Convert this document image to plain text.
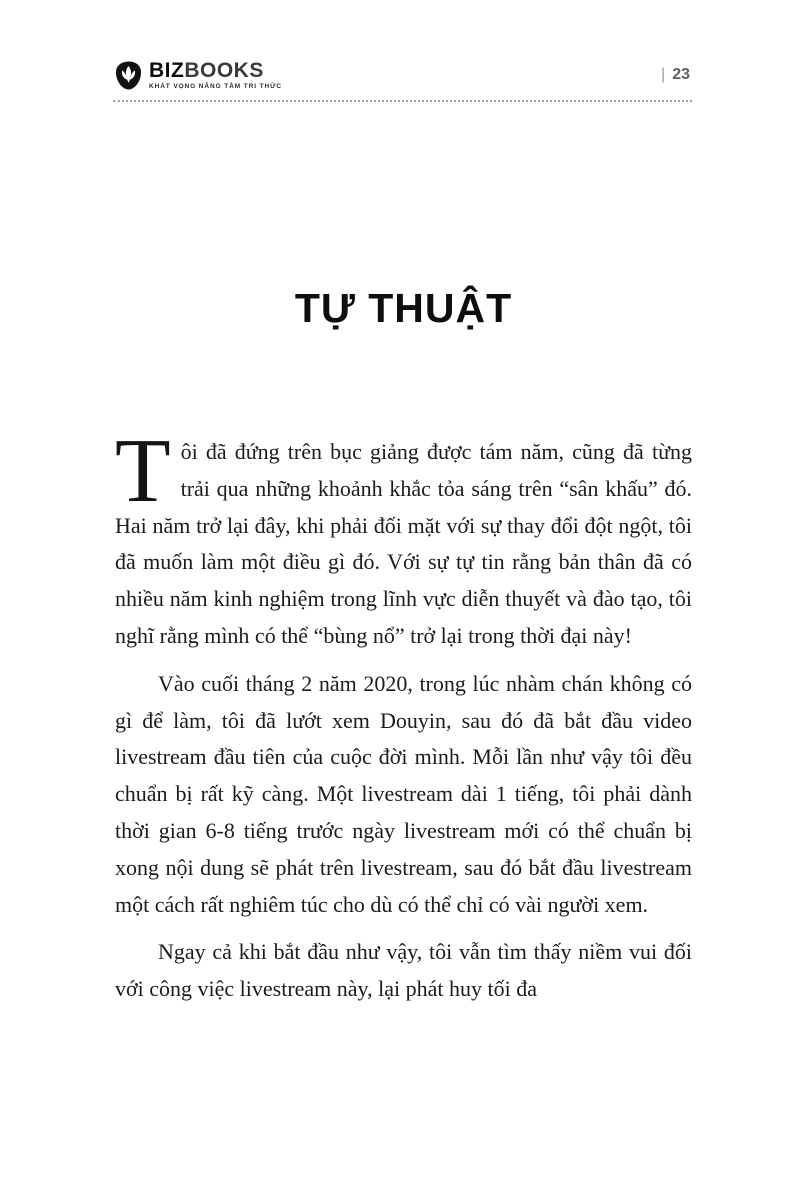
BIZBOOKS
KHÁT VỌNG NÂNG TẦM TRI THỨC
| 23
TỰ THUẬT

Tôi đã đứng trên bục giảng được tám năm, cũng đã từng trải qua những khoảnh khắc tỏa sáng trên “sân khấu” đó. Hai năm trở lại đây, khi phải đối mặt với sự thay đổi đột ngột, tôi đã muốn làm một điều gì đó. Với sự tự tin rằng bản thân đã có nhiều năm kinh nghiệm trong lĩnh vực diễn thuyết và đào tạo, tôi nghĩ rằng mình có thể “bùng nổ” trở lại trong thời đại này!

Vào cuối tháng 2 năm 2020, trong lúc nhàm chán không có gì để làm, tôi đã lướt xem Douyin, sau đó đã bắt đầu video livestream đầu tiên của cuộc đời mình. Mỗi lần như vậy tôi đều chuẩn bị rất kỹ càng. Một livestream dài 1 tiếng, tôi phải dành thời gian 6-8 tiếng trước ngày livestream mới có thể chuẩn bị xong nội dung sẽ phát trên livestream, sau đó bắt đầu livestream một cách rất nghiêm túc cho dù có thể chỉ có vài người xem.

Ngay cả khi bắt đầu như vậy, tôi vẫn tìm thấy niềm vui đối với công việc livestream này, lại phát huy tối đa
